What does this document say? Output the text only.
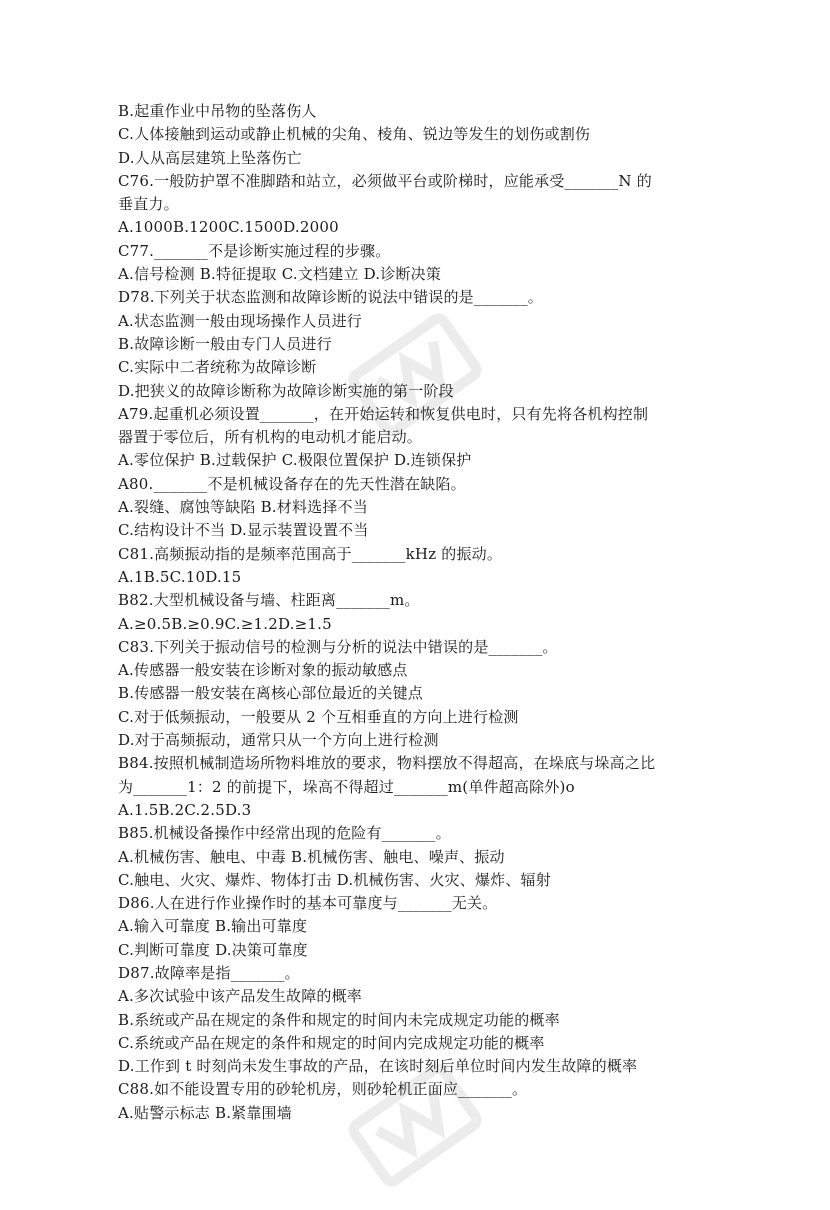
B.起重作业中吊物的坠落伤人

C.人体接触到运动或静止机械的尖角、棱角、锐边等发生的划伤或割伤

D.人从高层建筑上坠落伤亡

C76.一般防护罩不准脚踏和站立，必须做平台或阶梯时，应能承受_______N 的

垂直力。

A.1000B.1200C.1500D.2000

C77._______不是诊断实施过程的步骤。

A.信号检测 B.特征提取 C.文档建立 D.诊断决策

D78.下列关于状态监测和故障诊断的说法中错误的是_______。

A.状态监测一般由现场操作人员进行

B.故障诊断一般由专门人员进行

C.实际中二者统称为故障诊断

D.把狭义的故障诊断称为故障诊断实施的第一阶段

A79.起重机必须设置_______，在开始运转和恢复供电时，只有先将各机构控制

器置于零位后，所有机构的电动机才能启动。

A.零位保护 B.过载保护 C.极限位置保护 D.连锁保护

A80._______不是机械设备存在的先天性潜在缺陷。

A.裂缝、腐蚀等缺陷 B.材料选择不当

C.结构设计不当 D.显示装置设置不当

C81.高频振动指的是频率范围高于_______kHz 的振动。

A.1B.5C.10D.15

B82.大型机械设备与墙、柱距离_______m。

A.≥0.5B.≥0.9C.≥1.2D.≥1.5

C83.下列关于振动信号的检测与分析的说法中错误的是_______。

A.传感器一般安装在诊断对象的振动敏感点

B.传感器一般安装在离核心部位最近的关键点

C.对于低频振动，一般要从 2 个互相垂直的方向上进行检测

D.对于高频振动，通常只从一个方向上进行检测

B84.按照机械制造场所物料堆放的要求，物料摆放不得超高，在垛底与垛高之比

为_______1：2 的前提下，垛高不得超过_______m(单件超高除外)o

A.1.5B.2C.2.5D.3

B85.机械设备操作中经常出现的危险有_______。

A.机械伤害、触电、中毒 B.机械伤害、触电、噪声、振动

C.触电、火灾、爆炸、物体打击 D.机械伤害、火灾、爆炸、辐射

D86.人在进行作业操作时的基本可靠度与_______无关。

A.输入可靠度 B.输出可靠度

C.判断可靠度 D.决策可靠度

D87.故障率是指_______。

A.多次试验中该产品发生故障的概率

B.系统或产品在规定的条件和规定的时间内未完成规定功能的概率

C.系统或产品在规定的条件和规定的时间内完成规定功能的概率

D.工作到 t 时刻尚未发生事故的产品，在该时刻后单位时间内发生故障的概率

C88.如不能设置专用的砂轮机房，则砂轮机正面应_______。

A.贴警示标志 B.紧靠围墙
